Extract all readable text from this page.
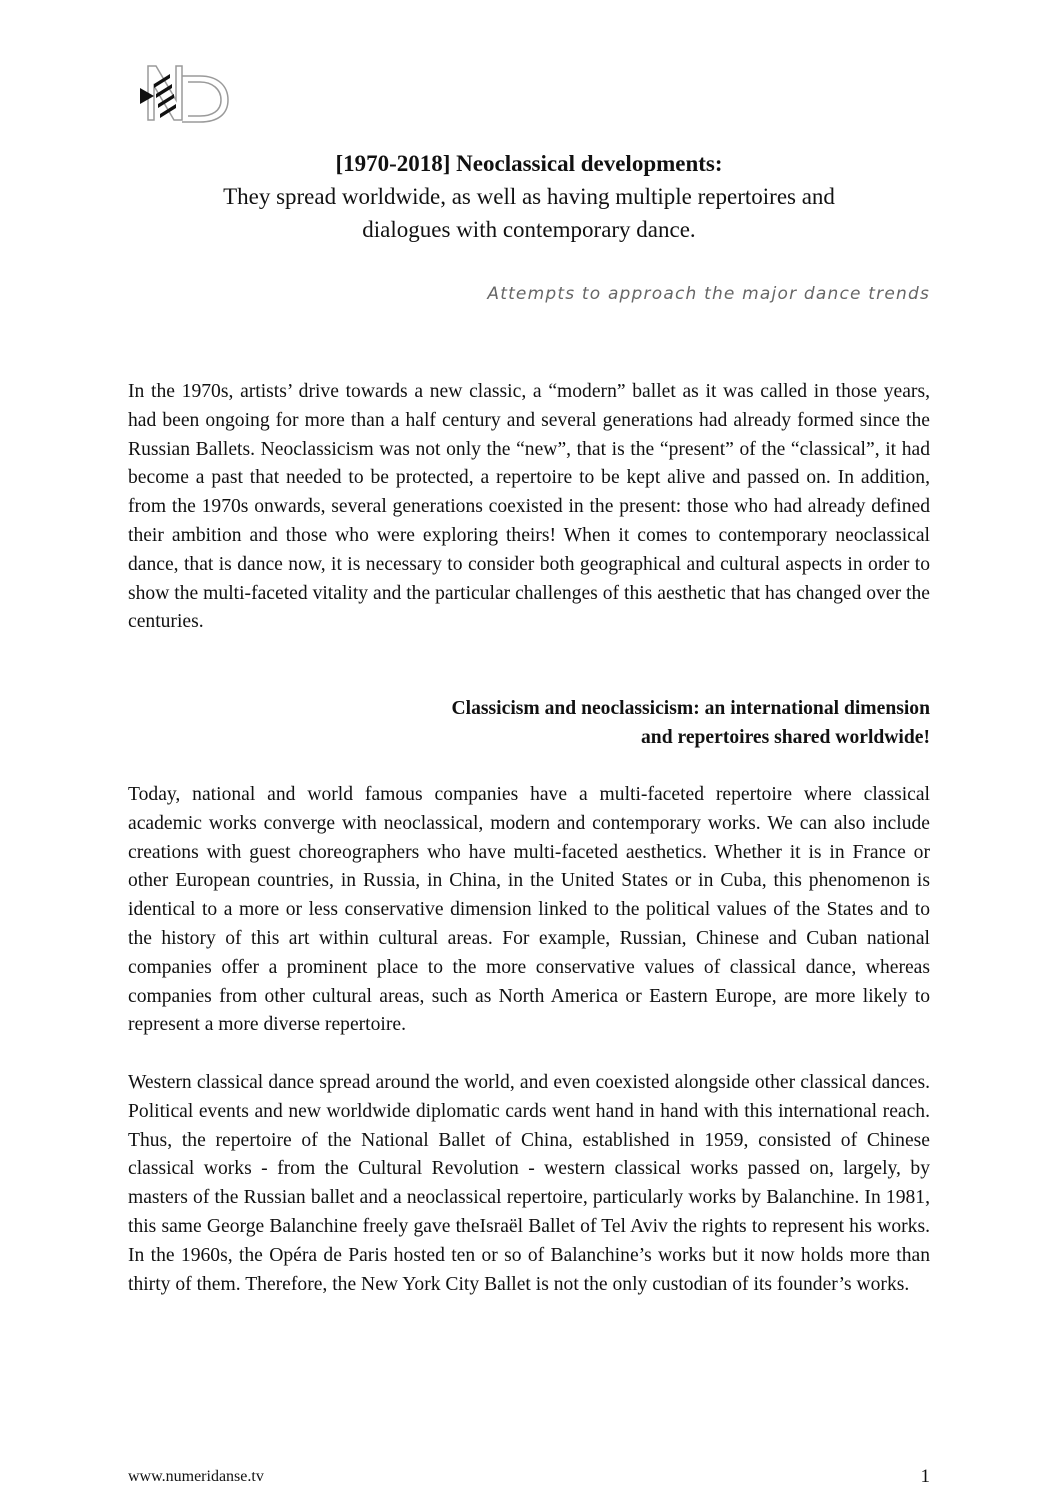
[1970-2018] Neoclassical developments:

They spread worldwide, as well as having multiple repertoires and

dialogues with contemporary dance.

Attempts to approach the major dance trends

In the 1970s, artists’ drive towards a new classic, a “modern” ballet as it was called in those years, had been ongoing for more than a half century and several generations had already formed since the Russian Ballets. Neoclassicism was not only the “new”, that is the “present” of the “classical”, it had become a past that needed to be protected, a repertoire to be kept alive and passed on. In addition, from the 1970s onwards, several generations coexisted in the present: those who had already defined their ambition and those who were exploring theirs! When it comes to contemporary neoclassical dance, that is dance now, it is necessary to consider both geographical and cultural aspects in order to show the multi-faceted vitality and the particular challenges of this aesthetic that has changed over the centuries.

Classicism and neoclassicism: an international dimension
and repertoires shared worldwide!

Today, national and world famous companies have a multi-faceted repertoire where classical academic works converge with neoclassical, modern and contemporary works. We can also include creations with guest choreographers who have multi-faceted aesthetics. Whether it is in France or other European countries, in Russia, in China, in the United States or in Cuba, this phenomenon is identical to a more or less conservative dimension linked to the political values of the States and to the history of this art within cultural areas. For example, Russian, Chinese and Cuban national companies offer a prominent place to the more conservative values of classical dance, whereas companies from other cultural areas, such as North America or Eastern Europe, are more likely to represent a more diverse repertoire.

Western classical dance spread around the world, and even coexisted alongside other classical dances. Political events and new worldwide diplomatic cards went hand in hand with this international reach. Thus, the repertoire of the National Ballet of China, established in 1959, consisted of Chinese classical works - from the Cultural Revolution - western classical works passed on, largely, by masters of the Russian ballet and a neoclassical repertoire, particularly works by Balanchine. In 1981, this same George Balanchine freely gave theIsraël Ballet of Tel Aviv the rights to represent his works. In the 1960s, the Opéra de Paris hosted ten or so of Balanchine’s works but it now holds more than thirty of them. Therefore, the New York City Ballet is not the only custodian of its founder’s works.

www.numeridanse.tv	1
